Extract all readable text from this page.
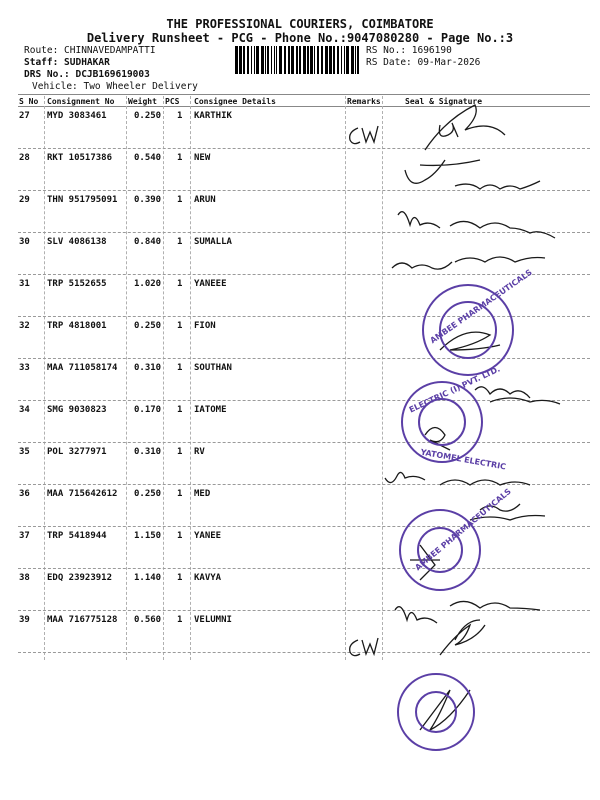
THE PROFESSIONAL COURIERS, COIMBATORE
Delivery Runsheet - PCG - Phone No.:9047080280 - Page No.:3
Route: CHINNAVEDAMPATTI
Staff: SUDHAKAR
DRS No.: DCJB169619003
Vehicle: Two Wheeler Delivery
RS No.: 1696190
RS Date: 09-Mar-2026
S No Consignment No Weight PCS Consignee Details	Remarks	Seal & Signature
27 MYD 3083461	0.250 1 KARTHIK
28 RKT 10517386 0.540 1 NEW
29 THN 951795091 0.390 1 ARUN
30 SLV 4086138	0.840 1 SUMALLA
31 TRP 5152655	1.020 1 YANEEE
32 TRP 4818001	0.250 1 FION
33 MAA 711058174 0.310 1 SOUTHAN
34 SMG 9030823	0.170 1 IATOME
35 POL 3277971	0.310 1 RV
36 MAA 715642612 0.250 1 MED
37 TRP 5418944	1.150 1 YANEE
38 EDQ 23923912 1.140 1 KAVYA
39 MAA 716775128 0.560 1 VELUMNI
AMBEE PHARMACEUTICALS
ELECTRIC (I) PVT. LTD.
YATOMEL ELECTRIC
AMBEE PHARMACEUTICALS
